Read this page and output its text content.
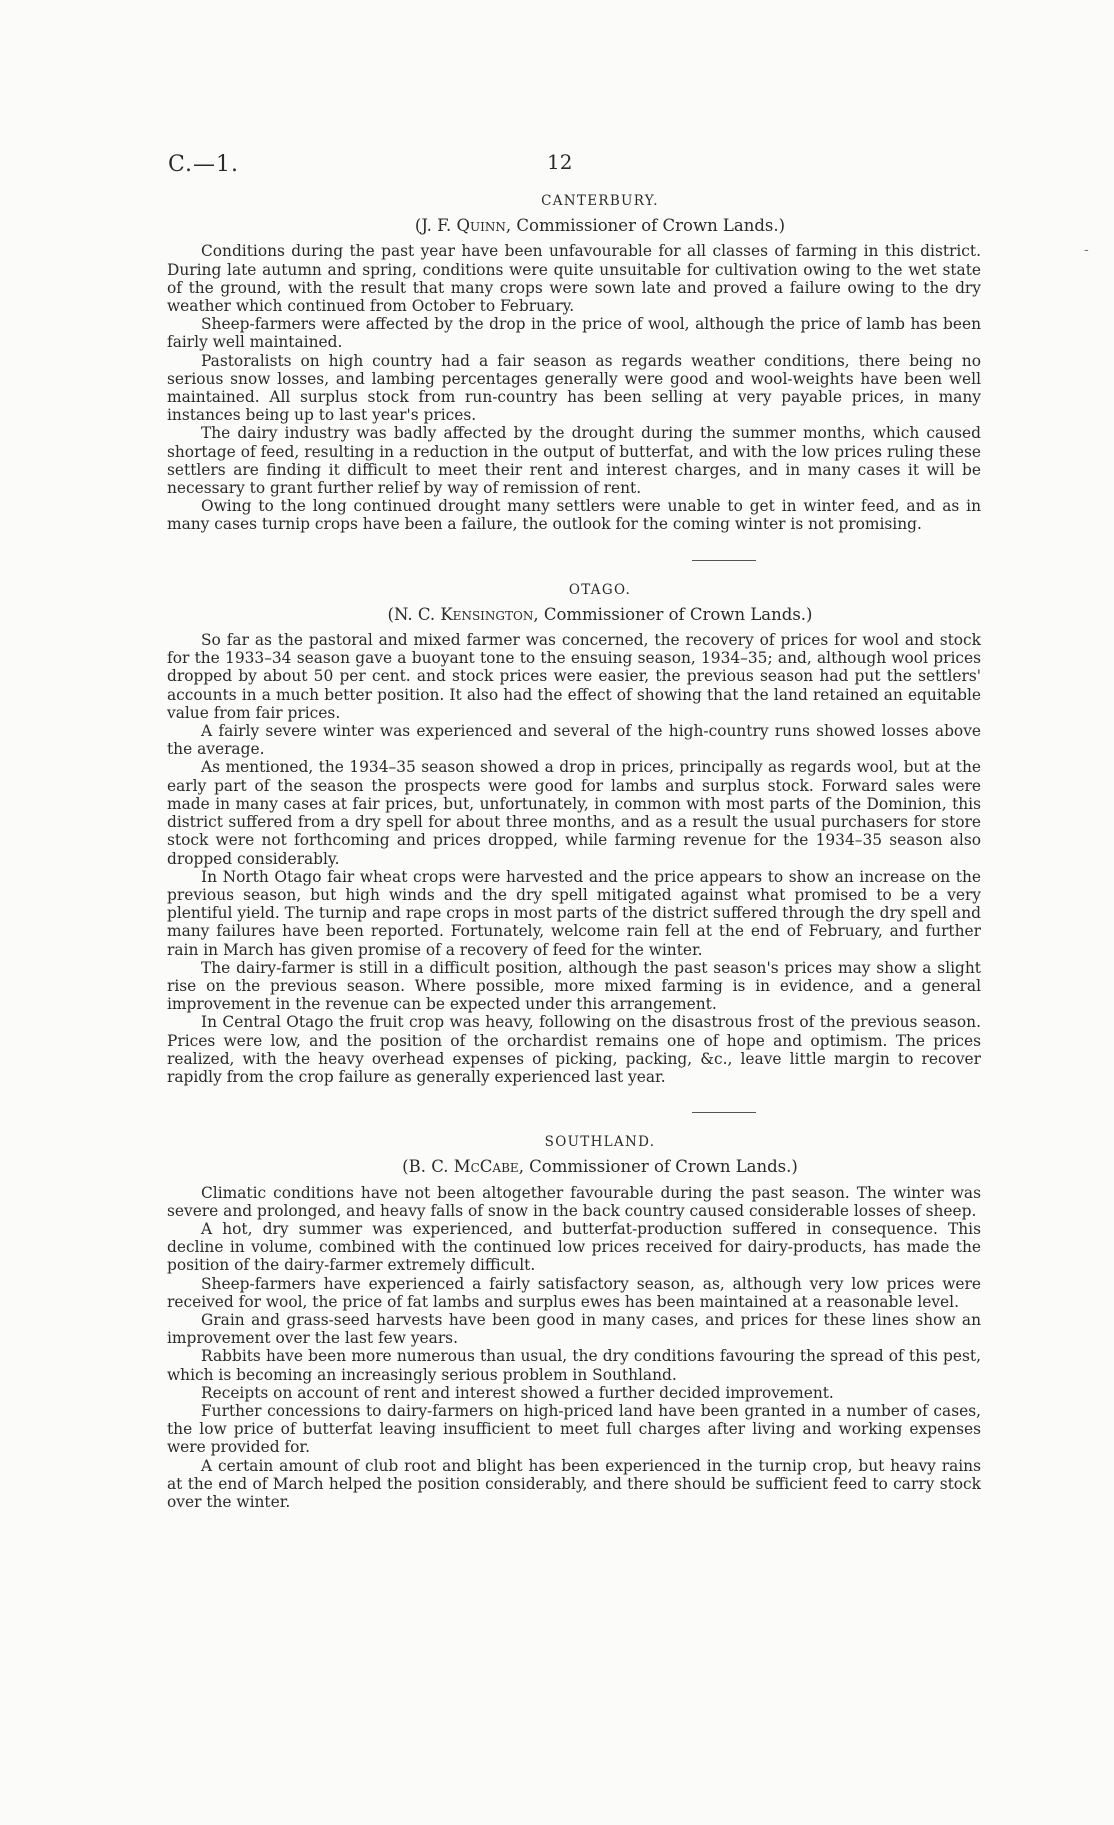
C.—1.	12
-
CANTERBURY.
(J. F. Quinn, Commissioner of Crown Lands.)

Conditions during the past year have been unfavourable for all classes of farming in this district. During late autumn and spring, conditions were quite unsuitable for cultivation owing to the wet state of the ground, with the result that many crops were sown late and proved a failure owing to the dry weather which continued from October to February.

Sheep-farmers were affected by the drop in the price of wool, although the price of lamb has been fairly well maintained.

Pastoralists on high country had a fair season as regards weather conditions, there being no serious snow losses, and lambing percentages generally were good and wool-weights have been well maintained. All surplus stock from run-country has been selling at very payable prices, in many instances being up to last year's prices.

The dairy industry was badly affected by the drought during the summer months, which caused shortage of feed, resulting in a reduction in the output of butterfat, and with the low prices ruling these settlers are finding it difficult to meet their rent and interest charges, and in many cases it will be necessary to grant further relief by way of remission of rent.

Owing to the long continued drought many settlers were unable to get in winter feed, and as in many cases turnip crops have been a failure, the outlook for the coming winter is not promising.

OTAGO.
(N. C. Kensington, Commissioner of Crown Lands.)

So far as the pastoral and mixed farmer was concerned, the recovery of prices for wool and stock for the 1933–34 season gave a buoyant tone to the ensuing season, 1934–35; and, although wool prices dropped by about 50 per cent. and stock prices were easier, the previous season had put the settlers' accounts in a much better position. It also had the effect of showing that the land retained an equitable value from fair prices.

A fairly severe winter was experienced and several of the high-country runs showed losses above the average.

As mentioned, the 1934–35 season showed a drop in prices, principally as regards wool, but at the early part of the season the prospects were good for lambs and surplus stock. Forward sales were made in many cases at fair prices, but, unfortunately, in common with most parts of the Dominion, this district suffered from a dry spell for about three months, and as a result the usual purchasers for store stock were not forthcoming and prices dropped, while farming revenue for the 1934–35 season also dropped considerably.

In North Otago fair wheat crops were harvested and the price appears to show an increase on the previous season, but high winds and the dry spell mitigated against what promised to be a very plentiful yield. The turnip and rape crops in most parts of the district suffered through the dry spell and many failures have been reported. Fortunately, welcome rain fell at the end of February, and further rain in March has given promise of a recovery of feed for the winter.

The dairy-farmer is still in a difficult position, although the past season's prices may show a slight rise on the previous season. Where possible, more mixed farming is in evidence, and a general improvement in the revenue can be expected under this arrangement.

In Central Otago the fruit crop was heavy, following on the disastrous frost of the previous season. Prices were low, and the position of the orchardist remains one of hope and optimism. The prices realized, with the heavy overhead expenses of picking, packing, &c., leave little margin to recover rapidly from the crop failure as generally experienced last year.

SOUTHLAND.
(B. C. McCabe, Commissioner of Crown Lands.)

Climatic conditions have not been altogether favourable during the past season. The winter was severe and prolonged, and heavy falls of snow in the back country caused considerable losses of sheep.

A hot, dry summer was experienced, and butterfat-production suffered in consequence. This decline in volume, combined with the continued low prices received for dairy-products, has made the position of the dairy-farmer extremely difficult.

Sheep-farmers have experienced a fairly satisfactory season, as, although very low prices were received for wool, the price of fat lambs and surplus ewes has been maintained at a reasonable level.

Grain and grass-seed harvests have been good in many cases, and prices for these lines show an improvement over the last few years.

Rabbits have been more numerous than usual, the dry conditions favouring the spread of this pest, which is becoming an increasingly serious problem in Southland.

Receipts on account of rent and interest showed a further decided improvement.

Further concessions to dairy-farmers on high-priced land have been granted in a number of cases, the low price of butterfat leaving insufficient to meet full charges after living and working expenses were provided for.

A certain amount of club root and blight has been experienced in the turnip crop, but heavy rains at the end of March helped the position considerably, and there should be sufficient feed to carry stock over the winter.
